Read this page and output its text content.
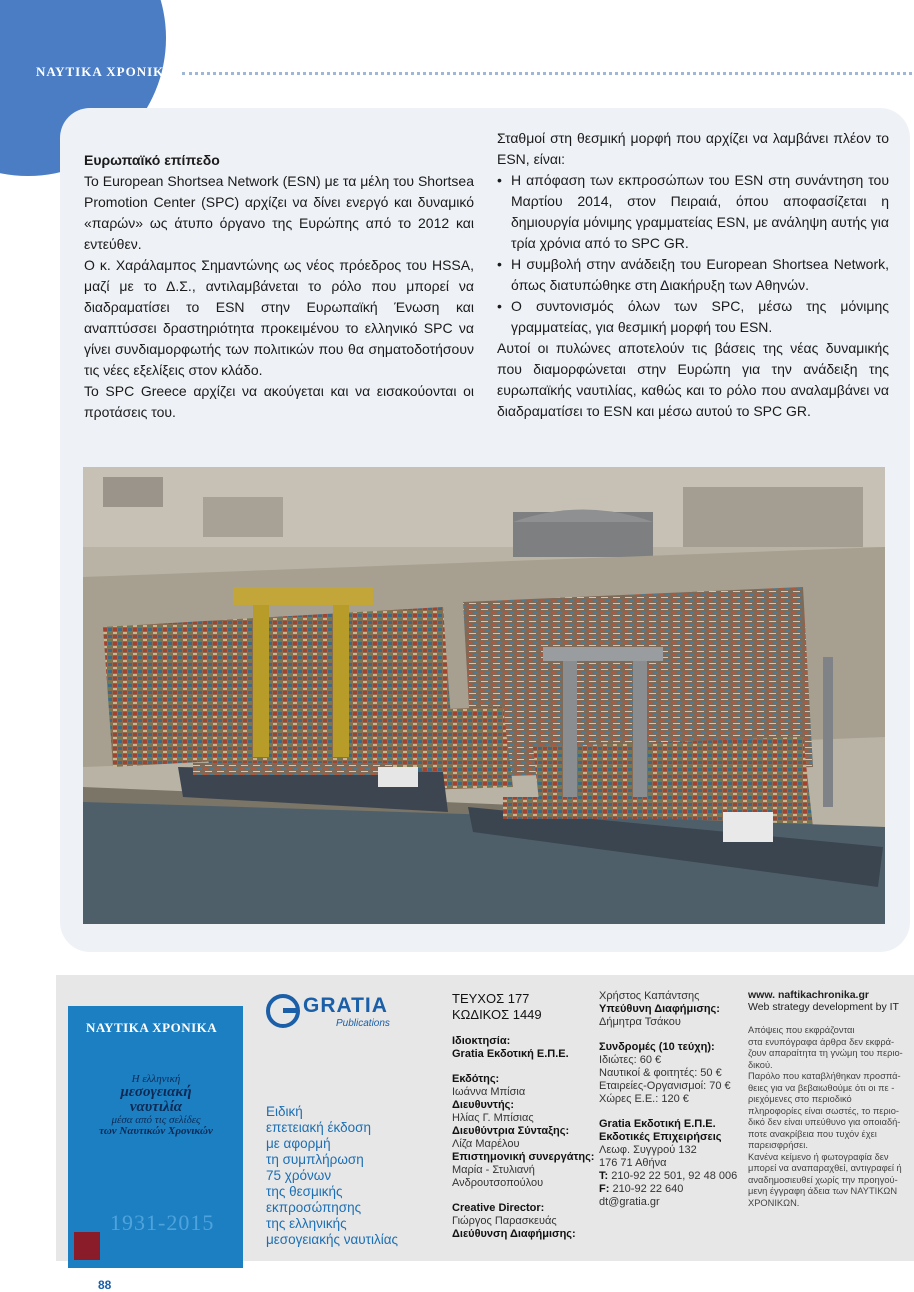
ΝΑΥΤΙΚΑ ΧΡΟΝΙΚΑ

Ευρωπαϊκό επίπεδο

Το European Shortsea Network (ESN) με τα μέλη του Shortsea Promotion Center (SPC) αρχίζει να δίνει ενεργό και δυναμικό «παρών» ως άτυπο όργανο της Ευρώπης από το 2012 και εντεύθεν.

Ο κ. Χαράλαμπος Σημαντώνης ως νέος πρόεδρος του HSSA, μαζί με το Δ.Σ., αντιλαμβάνεται το ρόλο που μπορεί να διαδραματίσει το ESN στην Ευρωπαϊκή Ένωση και αναπτύσσει δραστηριότητα προκειμένου το ελληνικό SPC να γίνει συνδιαμορφωτής των πολιτικών που θα σηματοδοτήσουν τις νέες εξελίξεις στον κλάδο.

Το SPC Greece αρχίζει να ακούγεται και να εισακούονται οι προτάσεις του.

Σταθμοί στη θεσμική μορφή που αρχίζει να λαμβάνει πλέον το ESN, είναι:

• Η απόφαση των εκπροσώπων του ESN στη συνάντηση του Μαρτίου 2014, στον Πειραιά, όπου αποφασίζεται η δημιουργία μόνιμης γραμματείας ESN, με ανάληψη αυτής για τρία χρόνια από το SPC GR.
• Η συμβολή στην ανάδειξη του European Shortsea Network, όπως διατυπώθηκε στη Διακήρυξη των Αθηνών.
• Ο συντονισμός όλων των SPC, μέσω της μόνιμης γραμματείας, για θεσμική μορφή του ESN.

Αυτοί οι πυλώνες αποτελούν τις βάσεις της νέας δυναμικής που διαμορφώνεται στην Ευρώπη για την ανάδειξη της ευρωπαϊκής ναυτιλίας, καθώς και το ρόλο που αναλαμβάνει να διαδραματίσει το ESN και μέσω αυτού το SPC GR.

ΝΑΥΤΙΚΑ ΧΡΟΝΙΚΑ
Η ελληνική
μεσογειακή
ναυτιλία
μέσα από τις σελίδες
των Ναυτικών Χρονικών
1931-2015
GRATIA
Publications
Ειδική
επετειακή έκδοση
με αφορμή
τη συμπλήρωση
75 χρόνων
της θεσμικής
εκπροσώπησης
της ελληνικής
μεσογειακής ναυτιλίας
ΤΕΥΧΟΣ 177
ΚΩΔΙΚΟΣ 1449
Ιδιοκτησία:
Gratia Εκδοτική Ε.Π.Ε.
Εκδότης:
Ιωάννα Μπίσια
Διευθυντής:
Ηλίας Γ. Μπίσιας
Διευθύντρια Σύνταξης:
Λίζα Μαρέλου
Επιστημονική συνεργάτης:
Μαρία - Στυλιανή
Ανδρουτσοπούλου
Creative Director:
Γιώργος Παρασκευάς
Διεύθυνση Διαφήμισης:
Χρήστος Καπάντσης
Υπεύθυνη Διαφήμισης:
Δήμητρα Τσάκου
Συνδρομές (10 τεύχη):
Ιδιώτες: 60 €
Ναυτικοί & φοιτητές: 50 €
Εταιρείες-Οργανισμοί: 70 €
Χώρες Ε.Ε.: 120 €
Gratia Εκδοτική Ε.Π.Ε.
Εκδοτικές Επιχειρήσεις
Λεωφ. Συγγρού 132
176 71 Αθήνα
Τ: 210-92 22 501, 92 48 006
F: 210-92 22 640
dt@gratia.gr
www. naftikachronika.gr
Web strategy development by IT
Απόψεις που εκφράζονται
στα ενυπόγραφα άρθρα δεν εκφρά-
ζουν απαραίτητα τη γνώμη του περιο-
δικού.
Παρόλο που καταβλήθηκαν προσπά-
θειες για να βεβαιωθούμε ότι οι πε -
ριεχόμενες στο περιοδικό
πληροφορίες είναι σωστές, το περιο-
δικό δεν είναι υπεύθυνο για οποιαδή-
ποτε ανακρίβεια που τυχόν έχει
παρεισφρήσει.
Κανένα κείμενο ή φωτογραφία δεν
μπορεί να αναπαραχθεί, αντιγραφεί ή
αναδημοσιευθεί χωρίς την προηγού-
μενη έγγραφη άδεια των ΝΑΥΤΙΚΩΝ
ΧΡΟΝΙΚΩΝ.
88
